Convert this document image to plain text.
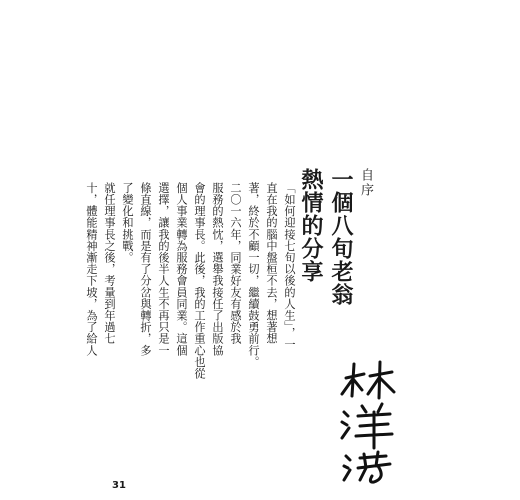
「如何迎接七旬以後的人生」，一
直在我的腦中盤桓不去，想著想
著，終於不顧一切，繼續鼓勇前行。
二〇一六年，同業好友有感於我
服務的熱忱，選舉我接任了出版協
會的理事長。此後，我的工作重心也從
個人事業轉為服務會員同業。這個
選擇，讓我的後半人生不再只是一
條直線，而是有了分岔與轉折，多
了變化和挑戰。
就任理事長之後，考量到年過七
十，體能精神漸走下坡，為了給人	自序
一個八旬老翁
熱情的分享
31
